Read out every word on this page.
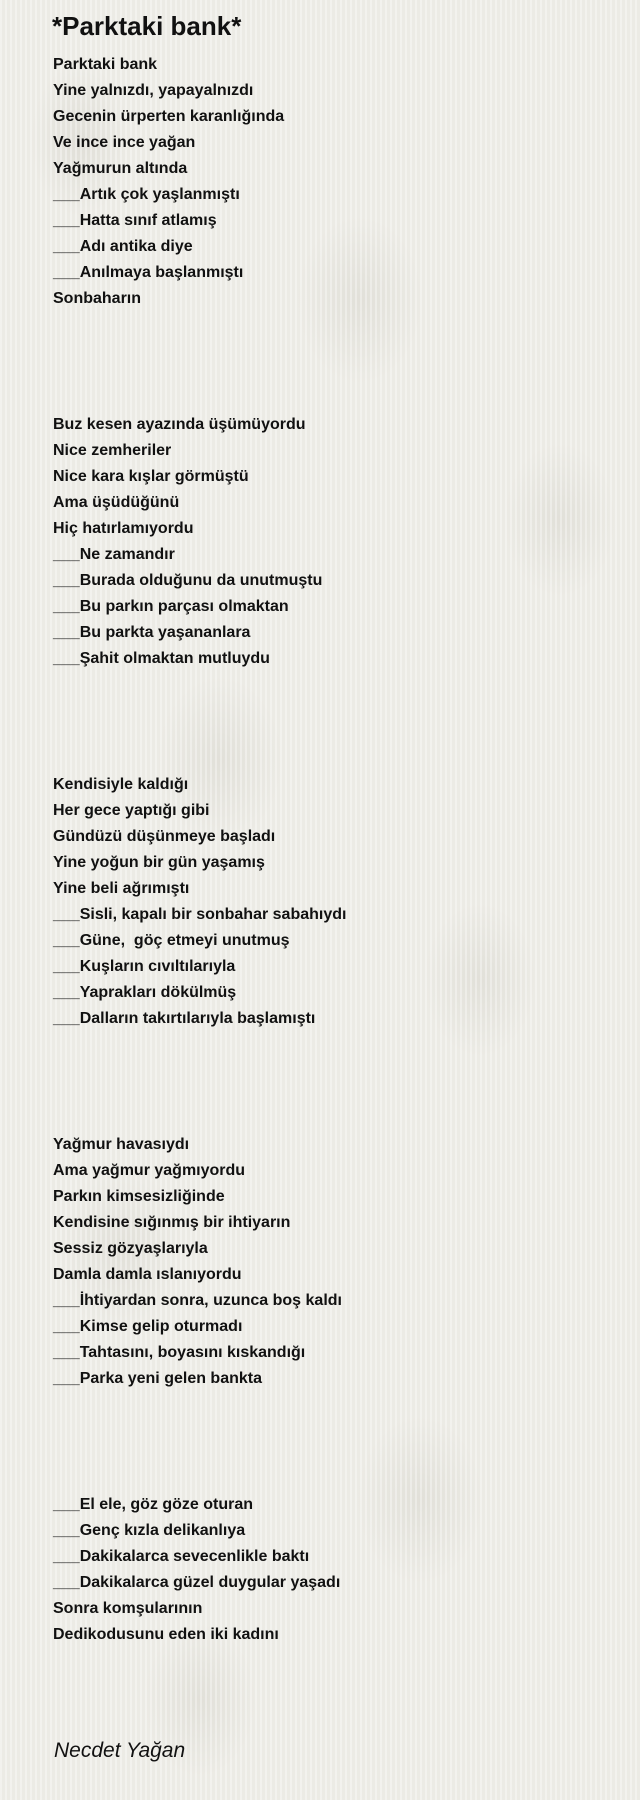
*Parktaki bank*
Parktaki bank
Yine yalnızdı, yapayalnızdı
Gecenin ürperten karanlığında
Ve ince ince yağan
Yağmurun altında
___Artık çok yaşlanmıştı
___Hatta sınıf atlamış
___Adı antika diye
___Anılmaya başlanmıştı
Sonbaharın
Buz kesen ayazında üşümüyordu
Nice zemheriler
Nice kara kışlar görmüştü
Ama üşüdüğünü
Hiç hatırlamıyordu
___Ne zamandır
___Burada olduğunu da unutmuştu
___Bu parkın parçası olmaktan
___Bu parkta yaşananlara
___Şahit olmaktan mutluydu
Kendisiyle kaldığı
Her gece yaptığı gibi
Gündüzü düşünmeye başladı
Yine yoğun bir gün yaşamış
Yine beli ağrımıştı
___Sisli, kapalı bir sonbahar sabahıydı
___Güne,  göç etmeyi unutmuş
___Kuşların cıvıltılarıyla
___Yaprakları dökülmüş
___Dalların takırtılarıyla başlamıştı
Yağmur havasıydı
Ama yağmur yağmıyordu
Parkın kimsesizliğinde
Kendisine sığınmış bir ihtiyarın
Sessiz gözyaşlarıyla
Damla damla ıslanıyordu
___İhtiyardan sonra, uzunca boş kaldı
___Kimse gelip oturmadı
___Tahtasını, boyasını kıskandığı
___Parka yeni gelen bankta
___El ele, göz göze oturan
___Genç kızla delikanlıya
___Dakikalarca sevecenlikle baktı
___Dakikalarca güzel duygular yaşadı
Sonra komşularının
Dedikodusunu eden iki kadını
Necdet Yağan
